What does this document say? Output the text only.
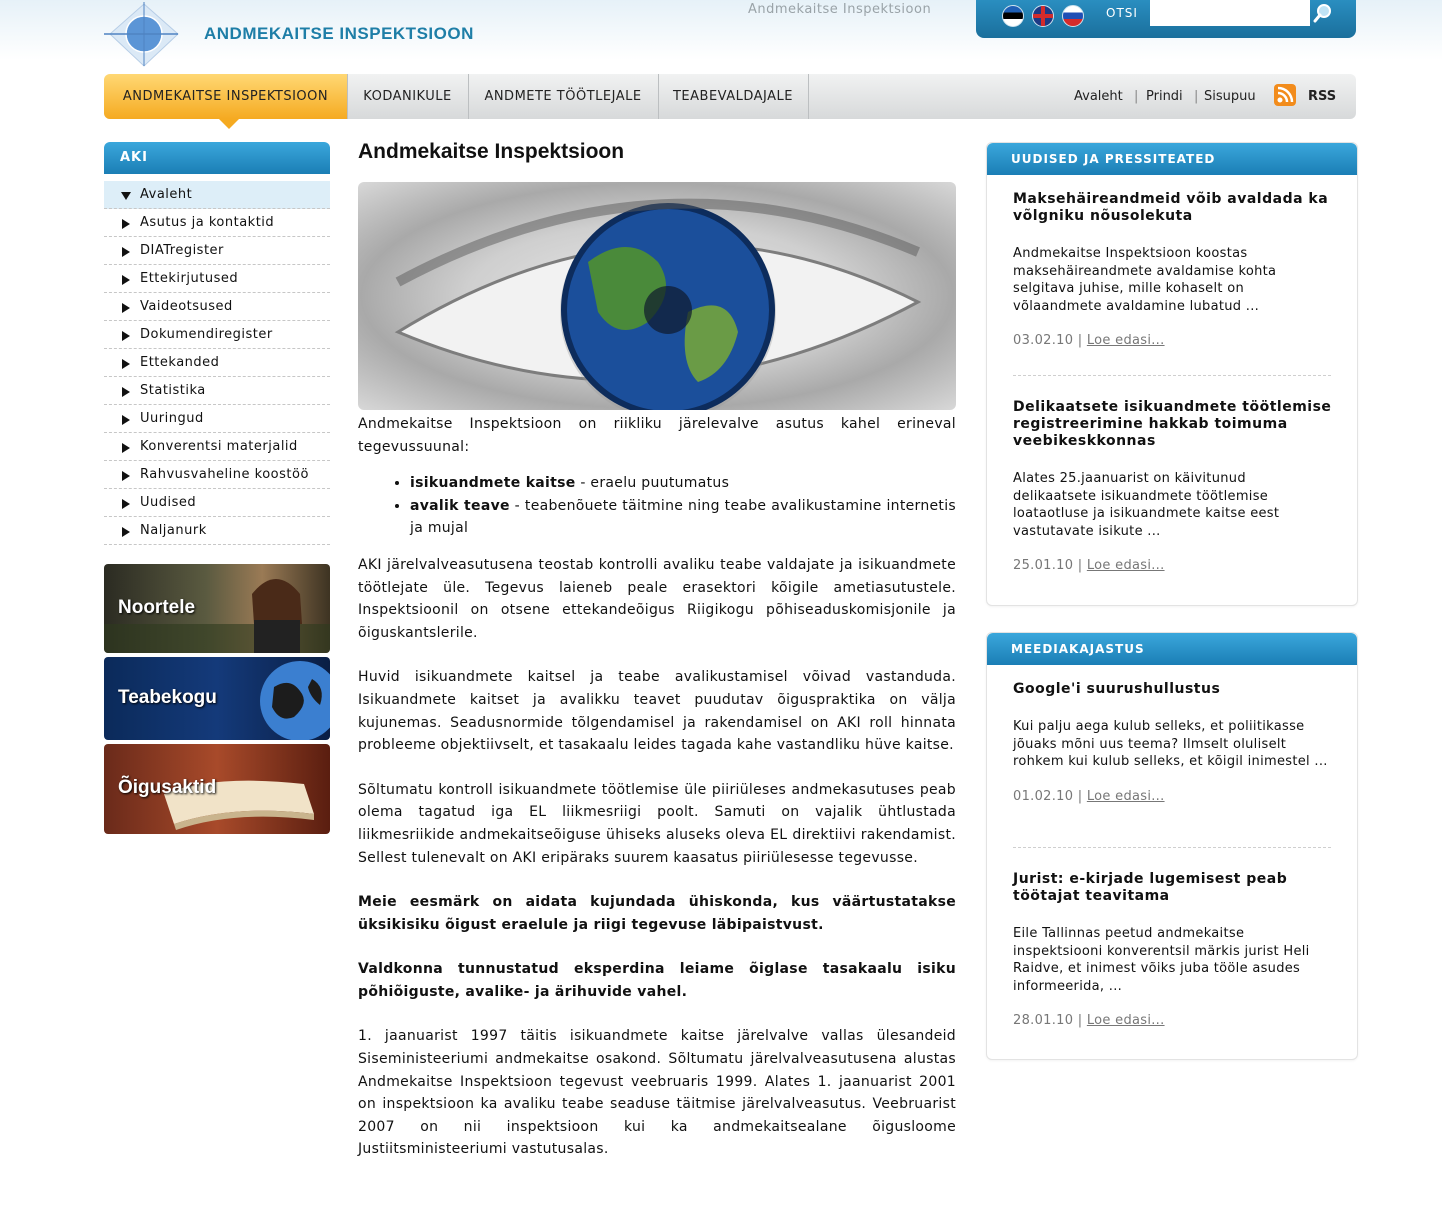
ANDMEKAITSE INSPEKTSIOON
Andmekaitse Inspektsioon	OTSI
ANDMEKAITSE INSPEKTSIOON	KODANIKULE	ANDMETE TÖÖTLEJALE	TEABEVALDAJALE	Avaleht | Prindi | Sisupuu	RSS
AKI
Avaleht
Asutus ja kontaktid
DIATregister
Ettekirjutused
Vaideotsused
Dokumendiregister
Ettekanded
Statistika
Uuringud
Konverentsi materjalid
Rahvusvaheline koostöö
Uudised
Naljanurk
Noortele
Teabekogu
Õigusaktid
Andmekaitse Inspektsioon

Andmekaitse Inspektsioon on riikliku järelevalve asutus kahel erineval tegevussuunal:

• isikuandmete kaitse - eraelu puutumatus
• avalik teave - teabenõuete täitmine ning teabe avalikustamine internetis ja mujal

AKI järelvalveasutusena teostab kontrolli avaliku teabe valdajate ja isikuandmete töötlejate üle. Tegevus laieneb peale erasektori kõigile ametiasutustele. Inspektsioonil on otsene ettekandeõigus Riigikogu põhiseaduskomisjonile ja õiguskantslerile.

Huvid isikuandmete kaitsel ja teabe avalikustamisel võivad vastanduda. Isikuandmete kaitset ja avalikku teavet puudutav õiguspraktika on välja kujunemas. Seadusnormide tõlgendamisel ja rakendamisel on AKI roll hinnata probleeme objektiivselt, et tasakaalu leides tagada kahe vastandliku hüve kaitse.

Sõltumatu kontroll isikuandmete töötlemise üle piiriüleses andmekasutuses peab olema tagatud iga EL liikmesriigi poolt. Samuti on vajalik ühtlustada liikmesriikide andmekaitseõiguse ühiseks aluseks oleva EL direktiivi rakendamist. Sellest tulenevalt on AKI eripäraks suurem kaasatus piiriülesesse tegevusse.

Meie eesmärk on aidata kujundada ühiskonda, kus väärtustatakse üksikisiku õigust eraelule ja riigi tegevuse läbipaistvust.

Valdkonna tunnustatud eksperdina leiame õiglase tasakaalu isiku põhiõiguste, avalike- ja ärihuvide vahel.

1. jaanuarist 1997 täitis isikuandmete kaitse järelvalve vallas ülesandeid Siseministeeriumi andmekaitse osakond. Sõltumatu järelvalveasutusena alustas Andmekaitse Inspektsioon tegevust veebruaris 1999. Alates 1. jaanuarist 2001 on inspektsioon ka avaliku teabe seaduse täitmise järelvalveasutus. Veebruarist 2007 on nii inspektsioon kui ka andmekaitsealane õigusloome Justiitsministeeriumi vastutusalas.

UUDISED JA PRESSITEATED

Maksehäireandmeid võib avaldada ka võlgniku nõusolekuta

Andmekaitse Inspektsioon koostas maksehäireandmete avaldamise kohta selgitava juhise, mille kohaselt on võlaandmete avaldamine lubatud ...

03.02.10 | Loe edasi...

Delikaatsete isikuandmete töötlemise registreerimine hakkab toimuma veebikeskkonnas

Alates 25.jaanuarist on käivitunud delikaatsete isikuandmete töötlemise loataotluse ja isikuandmete kaitse eest vastutavate isikute ...

25.01.10 | Loe edasi...
MEEDIAKAJASTUS

Google'i suurushullustus

Kui palju aega kulub selleks, et poliitikasse jõuaks mõni uus teema? Ilmselt oluliselt rohkem kui kulub selleks, et kõigil inimestel ...

01.02.10 | Loe edasi...

Jurist: e-kirjade lugemisest peab töötajat teavitama

Eile Tallinnas peetud andmekaitse inspektsiooni konverentsil märkis jurist Heli Raidve, et inimest võiks juba tööle asudes informeerida, ...

28.01.10 | Loe edasi...
